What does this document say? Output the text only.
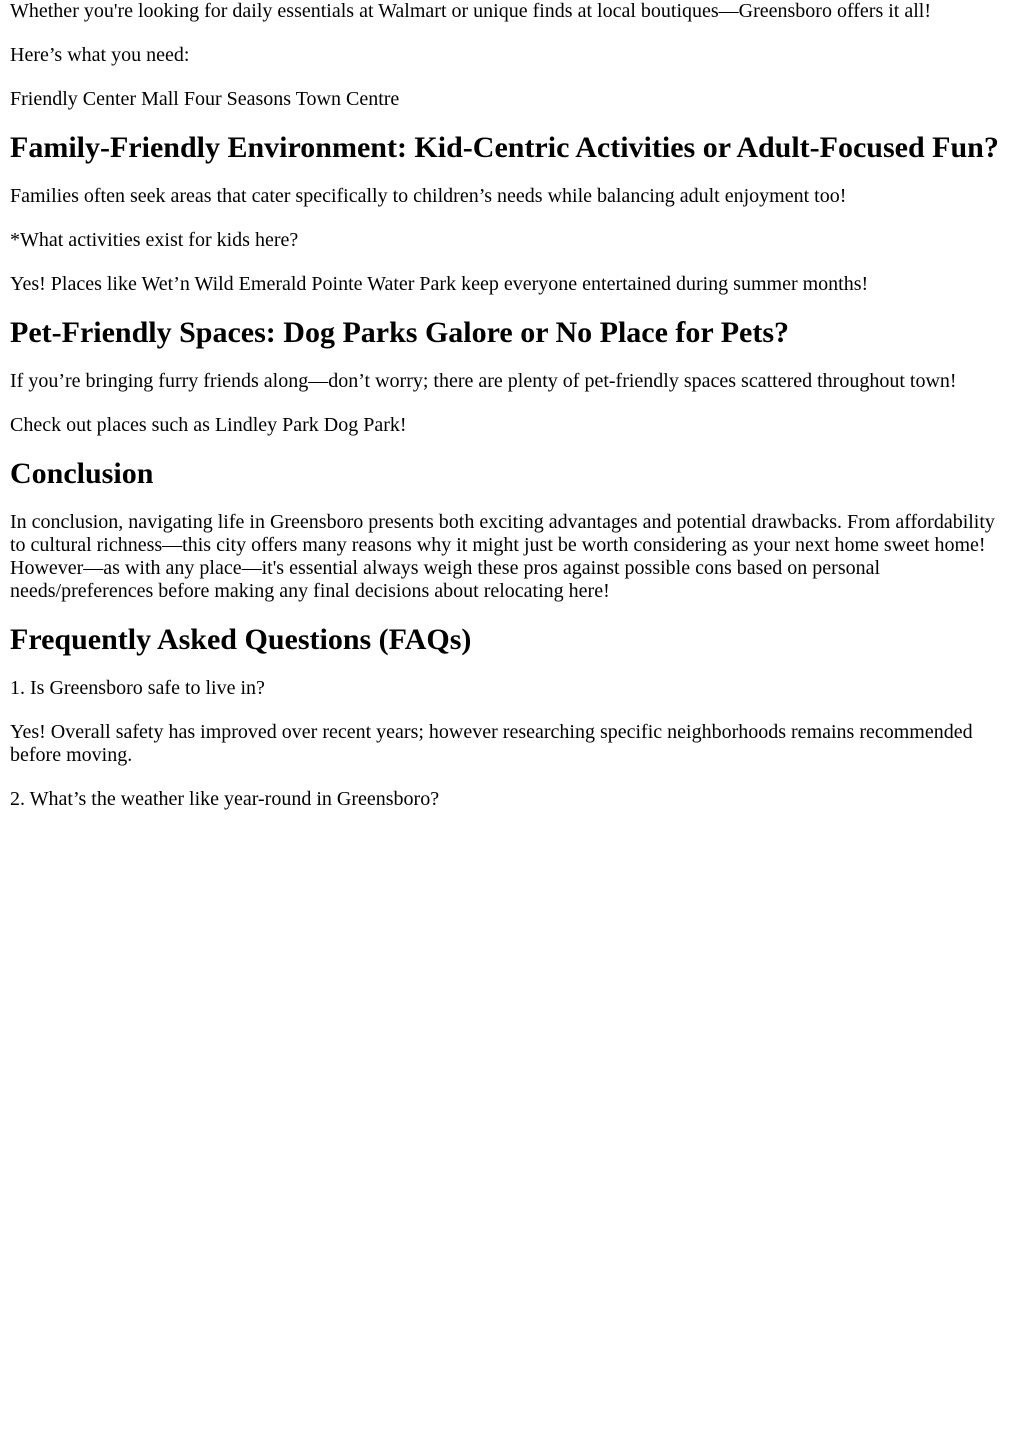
Whether you're looking for daily essentials at Walmart or unique finds at local boutiques—Greensboro offers it all!

Here’s what you need:

Friendly Center Mall Four Seasons Town Centre

Family-Friendly Environment: Kid-Centric Activities or Adult-Focused Fun?

Families often seek areas that cater specifically to children’s needs while balancing adult enjoyment too!

*What activities exist for kids here?

Yes! Places like Wet’n Wild Emerald Pointe Water Park keep everyone entertained during summer months!

Pet-Friendly Spaces: Dog Parks Galore or No Place for Pets?

If you’re bringing furry friends along—don’t worry; there are plenty of pet-friendly spaces scattered throughout town!

Check out places such as Lindley Park Dog Park!

Conclusion

In conclusion, navigating life in Greensboro presents both exciting advantages and potential drawbacks. From affordability to cultural richness—this city offers many reasons why it might just be worth considering as your next home sweet home! However—as with any place—it's essential always weigh these pros against possible cons based on personal needs/preferences before making any final decisions about relocating here!

Frequently Asked Questions (FAQs)

1. Is Greensboro safe to live in?

Yes! Overall safety has improved over recent years; however researching specific neighborhoods remains recommended before moving.

2. What’s the weather like year-round in Greensboro?
